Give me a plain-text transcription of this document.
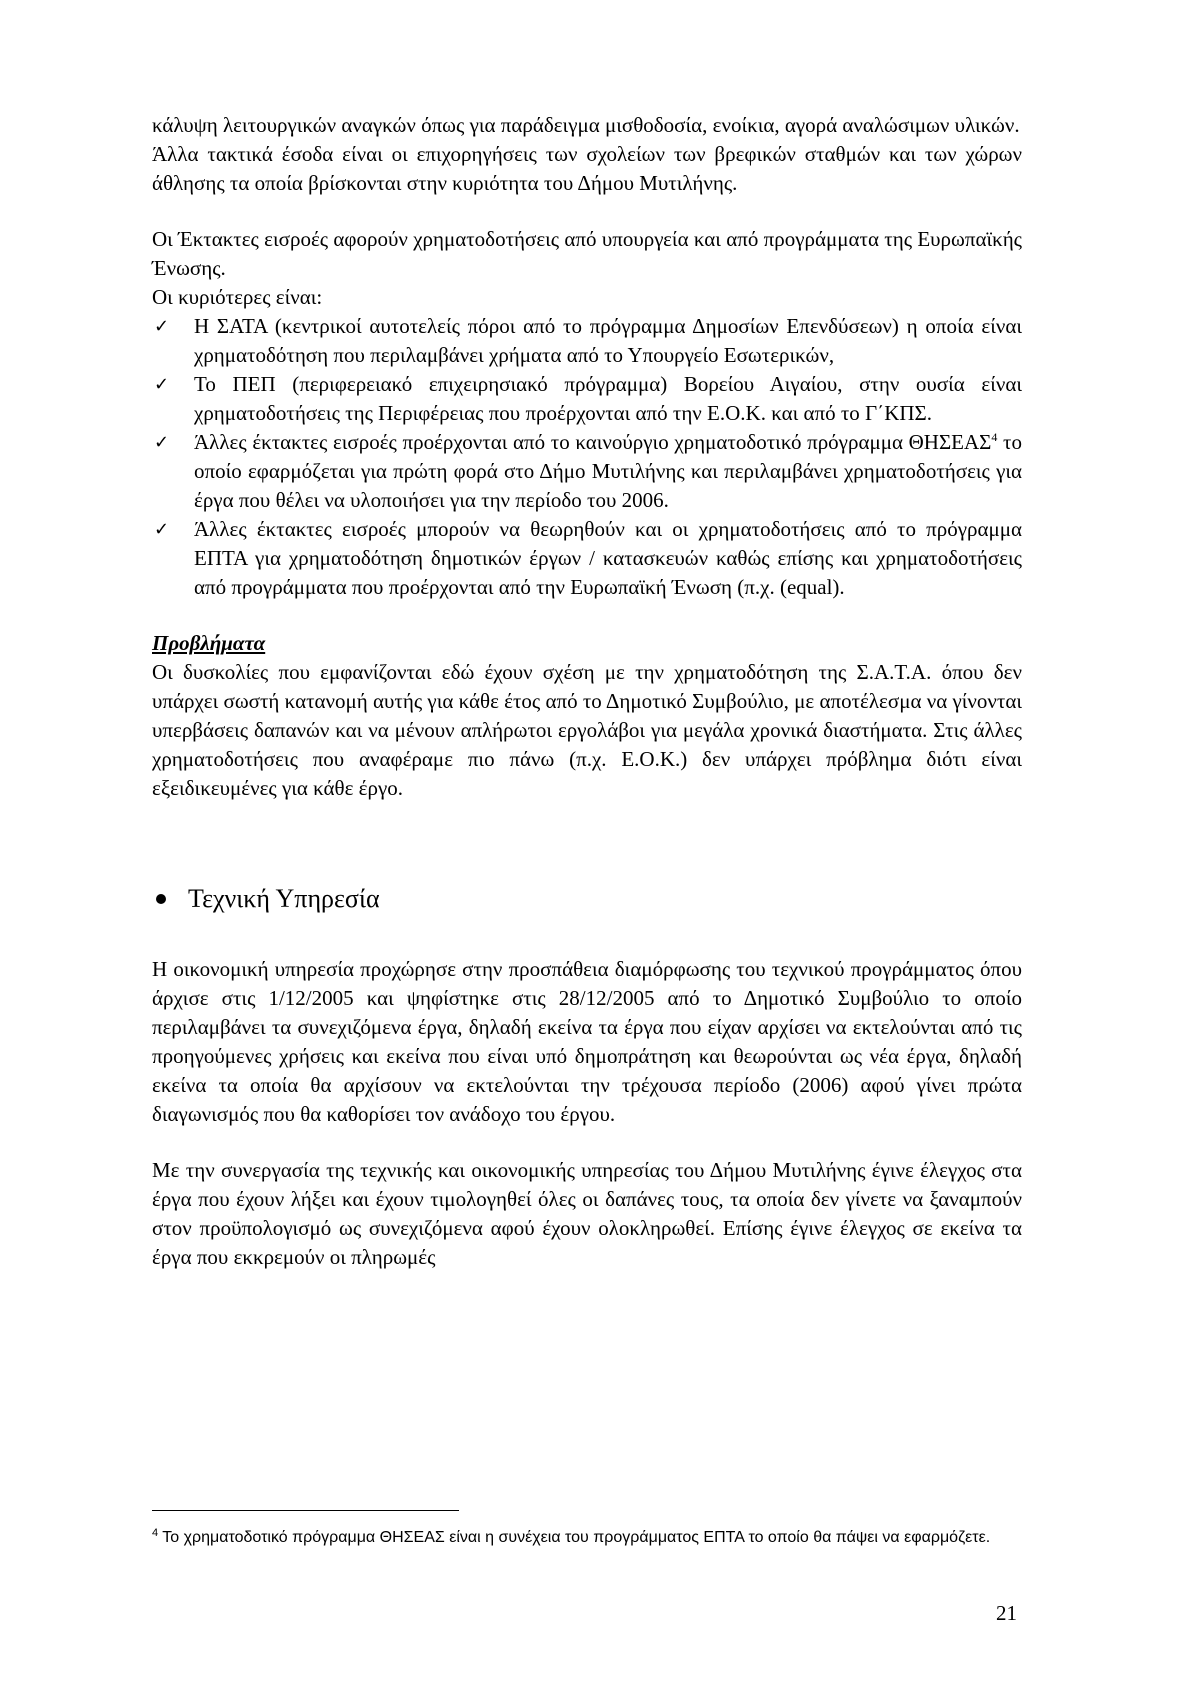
κάλυψη λειτουργικών αναγκών όπως για παράδειγμα μισθοδοσία, ενοίκια, αγορά αναλώσιμων υλικών.

Άλλα τακτικά έσοδα είναι οι επιχορηγήσεις των σχολείων των βρεφικών σταθμών και των χώρων άθλησης τα οποία βρίσκονται στην κυριότητα του Δήμου Μυτιλήνης.

Οι Έκτακτες εισροές αφορούν χρηματοδοτήσεις από υπουργεία και από προγράμματα της Ευρωπαϊκής Ένωσης.

Οι κυριότερες είναι:

✓ Η ΣΑΤΑ (κεντρικοί αυτοτελείς πόροι από το πρόγραμμα Δημοσίων Επενδύσεων) η οποία είναι χρηματοδότηση που περιλαμβάνει χρήματα από το Υπουργείο Εσωτερικών,
✓ Το ΠΕΠ (περιφερειακό επιχειρησιακό πρόγραμμα) Βορείου Αιγαίου, στην ουσία είναι χρηματοδοτήσεις της Περιφέρειας που προέρχονται από την Ε.Ο.Κ. και από το Γ΄ΚΠΣ.
✓ Άλλες έκτακτες εισροές προέρχονται από το καινούργιο χρηματοδοτικό πρόγραμμα ΘΗΣΕΑΣ$^4$ το οποίο εφαρμόζεται για πρώτη φορά στο Δήμο Μυτιλήνης και περιλαμβάνει χρηματοδοτήσεις για έργα που θέλει να υλοποιήσει για την περίοδο του 2006.
✓ Άλλες έκτακτες εισροές μπορούν να θεωρηθούν και οι χρηματοδοτήσεις από το πρόγραμμα ΕΠΤΑ για χρηματοδότηση δημοτικών έργων / κατασκευών καθώς επίσης και χρηματοδοτήσεις από προγράμματα που προέρχονται από την Ευρωπαϊκή Ένωση (π.χ. (equal).

Προβλήματα

Οι δυσκολίες που εμφανίζονται εδώ έχουν σχέση με την χρηματοδότηση της Σ.Α.Τ.Α. όπου δεν υπάρχει σωστή κατανομή αυτής για κάθε έτος από το Δημοτικό Συμβούλιο, με αποτέλεσμα να γίνονται υπερβάσεις δαπανών και να μένουν απλήρωτοι εργολάβοι για μεγάλα χρονικά διαστήματα. Στις άλλες χρηματοδοτήσεις που αναφέραμε πιο πάνω (π.χ. Ε.Ο.Κ.) δεν υπάρχει πρόβλημα διότι είναι εξειδικευμένες για κάθε έργο.

Τεχνική Υπηρεσία

Η οικονομική υπηρεσία προχώρησε στην προσπάθεια διαμόρφωσης του τεχνικού προγράμματος όπου άρχισε στις 1/12/2005 και ψηφίστηκε στις 28/12/2005 από το Δημοτικό Συμβούλιο το οποίο περιλαμβάνει τα συνεχιζόμενα έργα, δηλαδή εκείνα τα έργα που είχαν αρχίσει να εκτελούνται από τις προηγούμενες χρήσεις και εκείνα που είναι υπό δημοπράτηση και θεωρούνται ως νέα έργα, δηλαδή εκείνα τα οποία θα αρχίσουν να εκτελούνται την τρέχουσα περίοδο (2006) αφού γίνει πρώτα διαγωνισμός που θα καθορίσει τον ανάδοχο του έργου.

Με την συνεργασία της τεχνικής και οικονομικής υπηρεσίας του Δήμου Μυτιλήνης έγινε έλεγχος στα έργα που έχουν λήξει και έχουν τιμολογηθεί όλες οι δαπάνες τους, τα οποία δεν γίνετε να ξαναμπούν στον προϋπολογισμό ως συνεχιζόμενα αφού έχουν ολοκληρωθεί. Επίσης έγινε έλεγχος σε εκείνα τα έργα που εκκρεμούν οι πληρωμές

$^4$ Το χρηματοδοτικό πρόγραμμα ΘΗΣΕΑΣ είναι η συνέχεια του προγράμματος ΕΠΤΑ το οποίο θα πάψει να εφαρμόζετε.
21
